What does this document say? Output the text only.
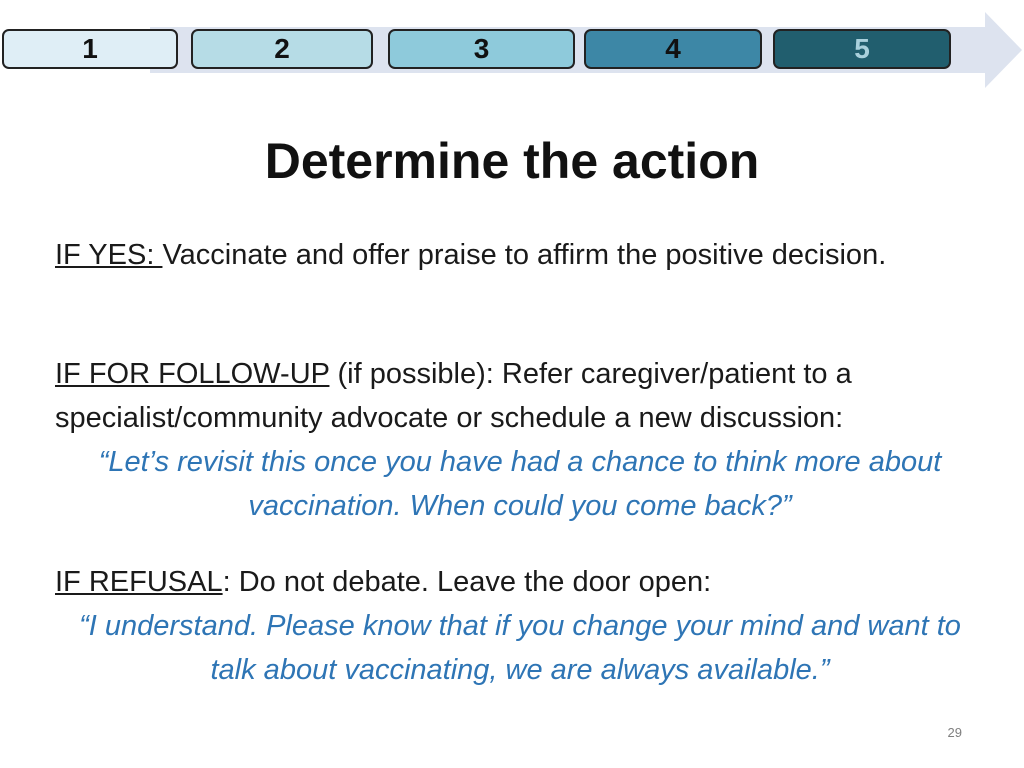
1	2	3	4	5
Determine the action
IF YES: Vaccinate and offer praise to affirm the positive decision.
IF FOR FOLLOW-UP (if possible): Refer caregiver/patient to a specialist/community advocate or schedule a new discussion:
“Let’s revisit this once you have had a chance to think more about vaccination. When could you come back?”
IF REFUSAL: Do not debate. Leave the door open:
“I understand. Please know that if you change your mind and want to talk about vaccinating, we are always available.”
29
